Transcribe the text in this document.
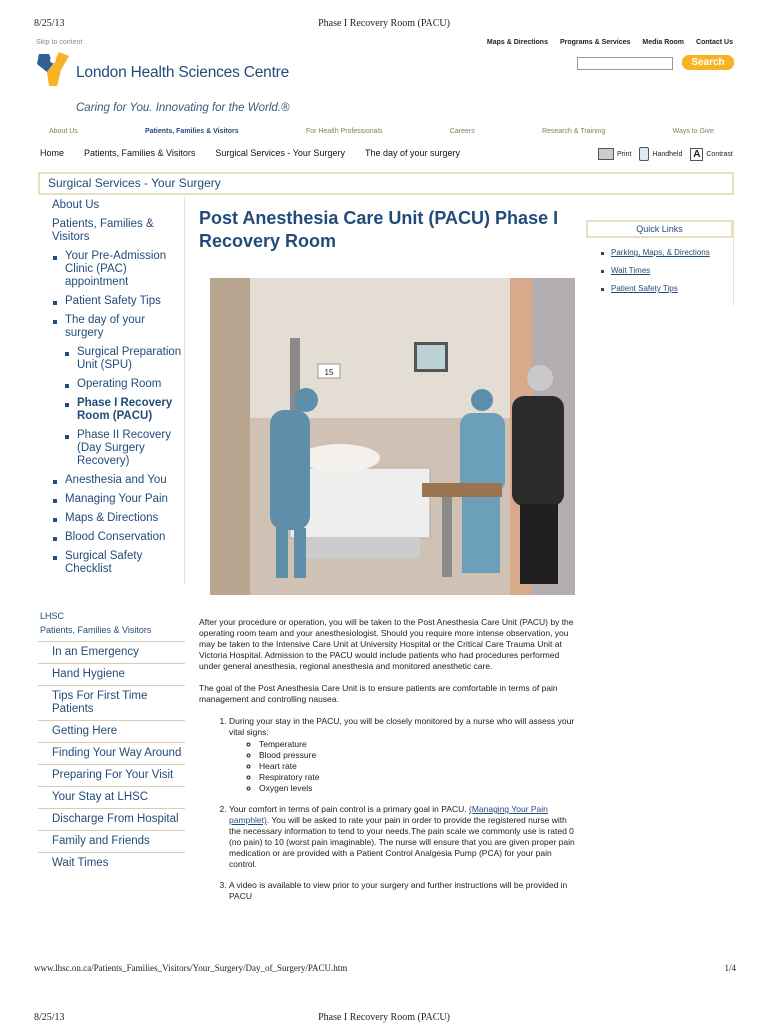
8/25/13	Phase I Recovery Room (PACU)
Skip to content	Maps & Directions Programs & Services Media Room Contact Us
Search
London Health Sciences Centre
Caring for You. Innovating for the World.®
About Us	Patients, Families & Visitors	For Health Professionals	Careers	Research & Training	Ways to Give
Home Patients, Families & Visitors Surgical Services - Your Surgery The day of your surgery	Print	Handheld A Contrast
Surgical Services - Your Surgery
About Us
Patients, Families & Visitors
Your Pre-Admission Clinic (PAC) appointment
Patient Safety Tips
The day of your surgery
Surgical Preparation Unit (SPU)
Operating Room
Phase I Recovery Room (PACU)
Phase II Recovery (Day Surgery Recovery)
Anesthesia and You
Managing Your Pain
Maps & Directions
Blood Conservation
Surgical Safety Checklist
LHSC
Patients, Families & Visitors
In an Emergency
Hand Hygiene
Tips For First Time Patients
Getting Here
Finding Your Way Around
Preparing For Your Visit
Your Stay at LHSC
Discharge From Hospital
Family and Friends
Wait Times
Post Anesthesia Care Unit (PACU) Phase I Recovery Room
15

After your procedure or operation, you will be taken to the Post Anesthesia Care Unit (PACU) by the operating room team and your anesthesiologist. Should you require more intense observation, you may be taken to the Intensive Care Unit at University Hospital or the Critical Care Trauma Unit at Victoria Hospital. Admission to the PACU would include patients who had procedures performed under general anesthesia, regional anesthesia and monitored anesthetic care.

The goal of the Post Anesthesia Care Unit is to ensure patients are comfortable in terms of pain management and controlling nausea.

1. During your stay in the PACU, you will be closely monitored by a nurse who will assess your vital signs:
◦ Temperature
◦ Blood pressure
◦ Heart rate
◦ Respiratory rate
◦ Oxygen levels
2. Your comfort in terms of pain control is a primary goal in PACU. (Managing Your Pain pamphlet). You will be asked to rate your pain in order to provide the registered nurse with the necessary information to tend to your needs.The pain scale we commonly use is rated 0 (no pain) to 10 (worst pain imaginable). The nurse will ensure that you are given proper pain medication or are provided with a Patient Control Analgesia Pump (PCA) for your pain control.
3. A video is available to view prior to your surgery and further instructions will be provided in PACU
Quick Links
Parking, Maps, & Directions
Wait Times
Patient Safety Tips
www.lhsc.on.ca/Patients_Families_Visitors/Your_Surgery/Day_of_Surgery/PACU.htm	1/4
8/25/13	Phase I Recovery Room (PACU)
